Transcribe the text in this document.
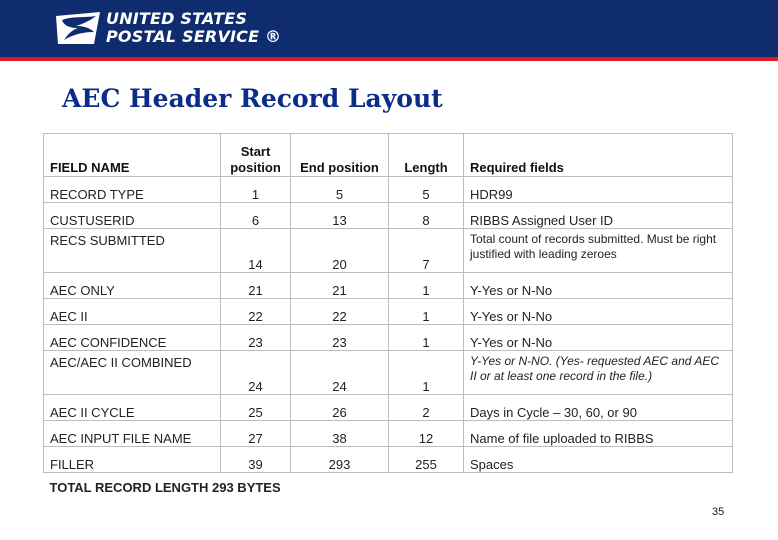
UNITED STATES
POSTAL SERVICE ®
AEC Header Record Layout
FIELD NAME	Start position	End position	Length	Required fields
RECORD TYPE	1	5	5	HDR99
CUSTUSERID	6	13	8	RIBBS Assigned User ID
RECS SUBMITTED	14	20	7	Total count of records submitted. Must be right justified with leading zeroes
AEC ONLY	21	21	1	Y-Yes or N-No
AEC II	22	22	1	Y-Yes or N-No
AEC CONFIDENCE	23	23	1	Y-Yes or N-No
AEC/AEC II COMBINED	24	24	1	Y-Yes or N-NO. (Yes- requested AEC and AEC II or at least one record in the file.)
AEC II CYCLE	25	26	2	Days in Cycle – 30, 60, or 90
AEC INPUT FILE NAME	27	38	12	Name of file uploaded to RIBBS
FILLER	39	293	255	Spaces
TOTAL RECORD LENGTH 293 BYTES				
35
